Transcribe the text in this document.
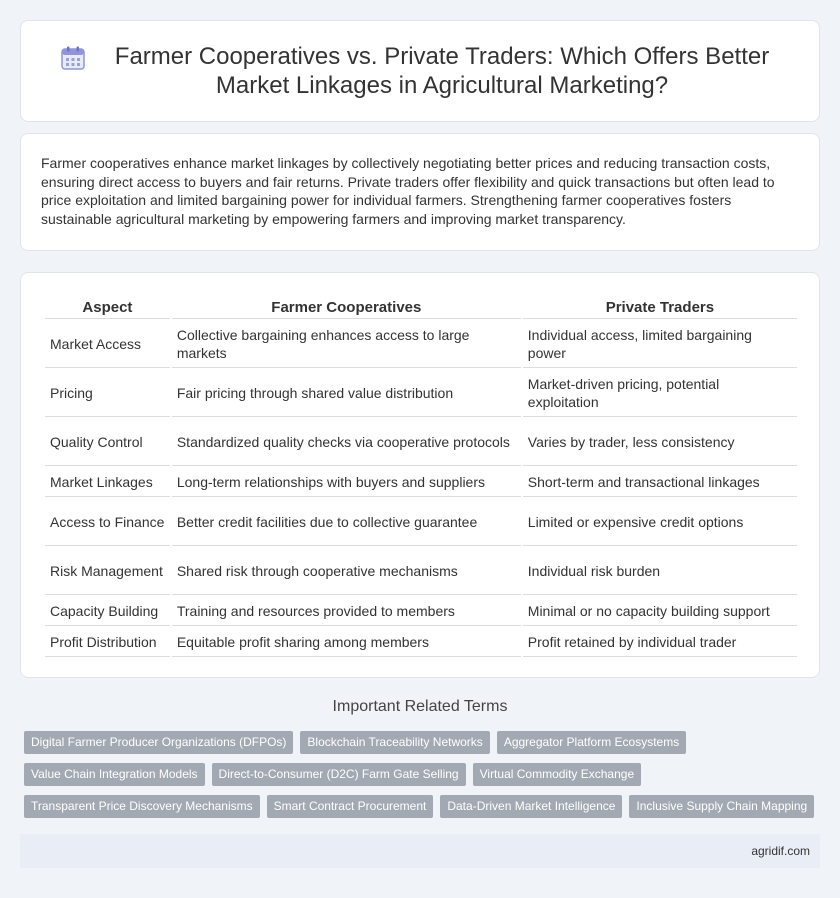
Farmer Cooperatives vs. Private Traders: Which Offers Better Market Linkages in Agricultural Marketing?

Farmer cooperatives enhance market linkages by collectively negotiating better prices and reducing transaction costs, ensuring direct access to buyers and fair returns. Private traders offer flexibility and quick transactions but often lead to price exploitation and limited bargaining power for individual farmers. Strengthening farmer cooperatives fosters sustainable agricultural marketing by empowering farmers and improving market transparency.

Aspect	Farmer Cooperatives	Private Traders
Market Access	Collective bargaining enhances access to large markets	Individual access, limited bargaining power
Pricing	Fair pricing through shared value distribution	Market-driven pricing, potential exploitation
Quality Control	Standardized quality checks via cooperative protocols	Varies by trader, less consistency
Market Linkages	Long-term relationships with buyers and suppliers	Short-term and transactional linkages
Access to Finance	Better credit facilities due to collective guarantee	Limited or expensive credit options
Risk Management	Shared risk through cooperative mechanisms	Individual risk burden
Capacity Building	Training and resources provided to members	Minimal or no capacity building support
Profit Distribution	Equitable profit sharing among members	Profit retained by individual trader
Important Related Terms
Digital Farmer Producer Organizations (DFPOs)	Blockchain Traceability Networks	Aggregator Platform Ecosystems
Value Chain Integration Models	Direct-to-Consumer (D2C) Farm Gate Selling	Virtual Commodity Exchange
Transparent Price Discovery Mechanisms	Smart Contract Procurement	Data-Driven Market Intelligence	Inclusive Supply Chain Mapping
agridif.com
